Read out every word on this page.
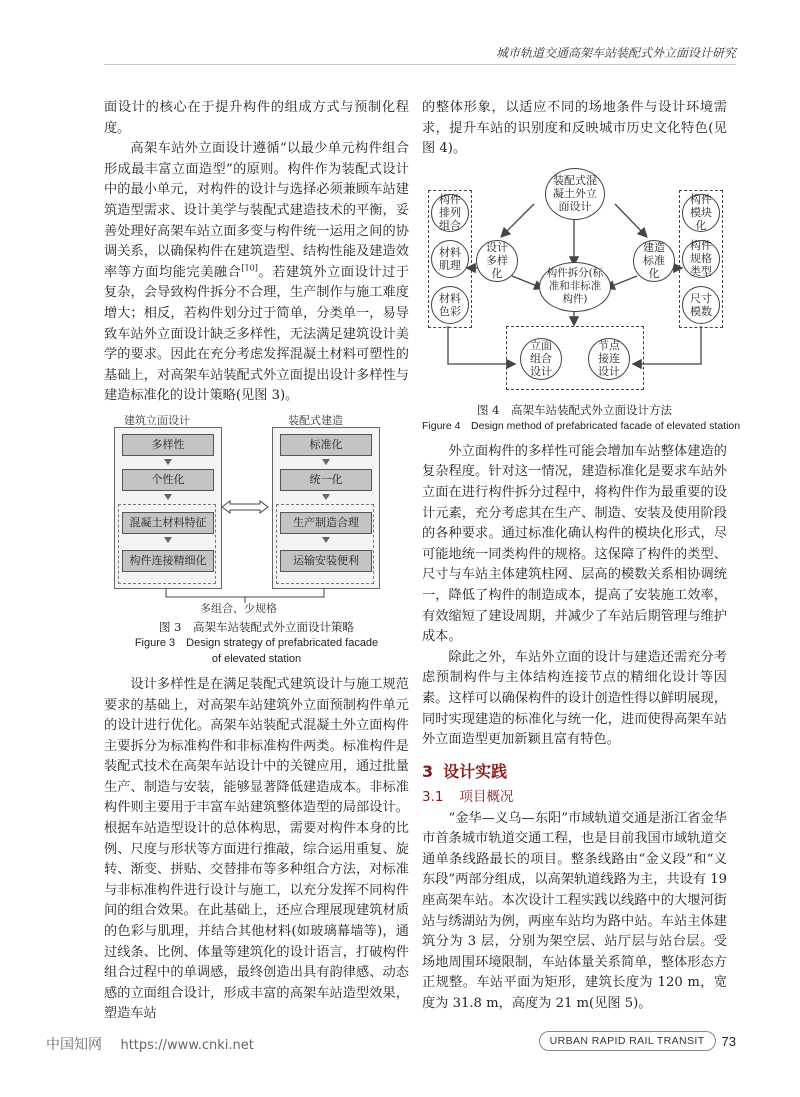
城市轨道交通高架车站装配式外立面设计研究

面设计的核心在于提升构件的组成方式与预制化程度。

高架车站外立面设计遵循“以最少单元构件组合形成最丰富立面造型”的原则。构件作为装配式设计中的最小单元，对构件的设计与选择必须兼顾车站建筑造型需求、设计美学与装配式建造技术的平衡，妥善处理好高架车站立面多变与构件统一运用之间的协调关系，以确保构件在建筑造型、结构性能及建造效率等方面均能完美融合[10]。若建筑外立面设计过于复杂，会导致构件拆分不合理，生产制作与施工难度增大；相反，若构件划分过于简单，分类单一，易导致车站外立面设计缺乏多样性，无法满足建筑设计美学的要求。因此在充分考虑发挥混凝土材料可塑性的基础上，对高架车站装配式外立面提出设计多样性与建造标准化的设计策略(见图 3)。

建筑立面设计	装配式建造
多样性
个性化
混凝土材料特征
构件连接精细化
标准化
统一化
生产制造合理
运输安装便利
多组合、少规格

图 3　高架车站装配式外立面设计策略

Figure 3　Design strategy of prefabricated facade

of elevated station

设计多样性是在满足装配式建筑设计与施工规范要求的基础上，对高架车站建筑外立面预制构件单元的设计进行优化。高架车站装配式混凝土外立面构件主要拆分为标准构件和非标准构件两类。标准构件是装配式技术在高架车站设计中的关键应用，通过批量生产、制造与安装，能够显著降低建造成本。非标准构件则主要用于丰富车站建筑整体造型的局部设计。根据车站造型设计的总体构思，需要对构件本身的比例、尺度与形状等方面进行推敲，综合运用重复、旋转、渐变、拼贴、交替排布等多种组合方法，对标准与非标准构件进行设计与施工，以充分发挥不同构件间的组合效果。在此基础上，还应合理展现建筑材质的色彩与肌理，并结合其他材料(如玻璃幕墙等)，通过线条、比例、体量等建筑化的设计语言，打破构件组合过程中的单调感，最终创造出具有韵律感、动态感的立面组合设计，形成丰富的高架车站造型效果，塑造车站

的整体形象，以适应不同的场地条件与设计环境需求，提升车站的识别度和反映城市历史文化特色(见图 4)。

装配式混凝土外立面设计
设计多样化
建造标准化
构件拆分(标准和非标准构件)
立面组合设计
节点接连设计
构件排列组合
材料肌理
材料色彩
构件模块化
构件规格类型
尺寸模数

图 4　高架车站装配式外立面设计方法

Figure 4　Design method of prefabricated facade of elevated station

外立面构件的多样性可能会增加车站整体建造的复杂程度。针对这一情况，建造标准化是要求车站外立面在进行构件拆分过程中，将构件作为最重要的设计元素，充分考虑其在生产、制造、安装及使用阶段的各种要求。通过标准化确认构件的模块化形式，尽可能地统一同类构件的规格。这保障了构件的类型、尺寸与车站主体建筑柱网、层高的模数关系相协调统一，降低了构件的制造成本，提高了安装施工效率，有效缩短了建设周期，并减少了车站后期管理与维护成本。

除此之外，车站外立面的设计与建造还需充分考虑预制构件与主体结构连接节点的精细化设计等因素。这样可以确保构件的设计创造性得以鲜明展现，同时实现建造的标准化与统一化，进而使得高架车站外立面造型更加新颖且富有特色。

3 设计实践
3.1 项目概况

“金华—义乌—东阳”市域轨道交通是浙江省金华市首条城市轨道交通工程，也是目前我国市域轨道交通单条线路最长的项目。整条线路由“金义段”和“义东段”两部分组成，以高架轨道线路为主，共设有 19 座高架车站。本次设计工程实践以线路中的大堰河街站与绣湖站为例，两座车站均为路中站。车站主体建筑分为 3 层，分别为架空层、站厅层与站台层。受场地周围环境限制，车站体量关系简单，整体形态方正规整。车站平面为矩形，建筑长度为 120 m，宽度为 31.8 m，高度为 21 m(见图 5)。

中国知网 https://www.cnki.net	URBAN RAPID RAIL TRANSIT	73
